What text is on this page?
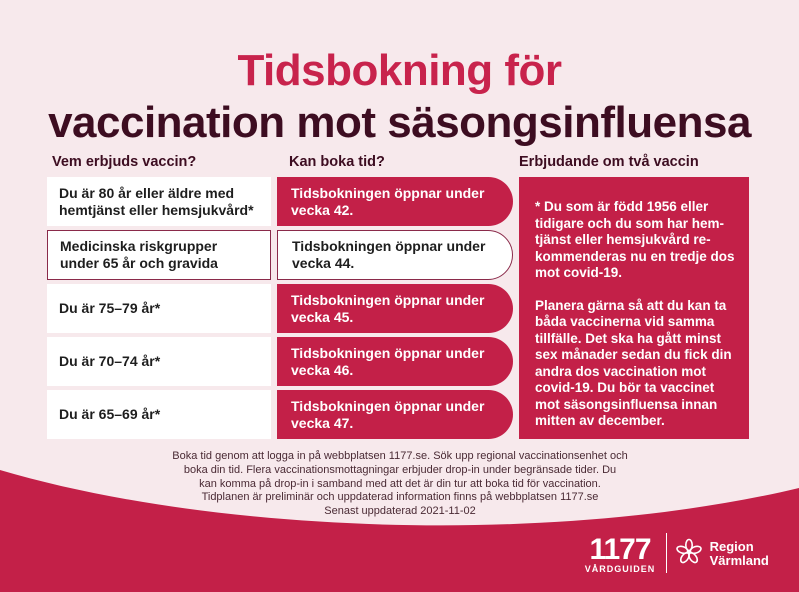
Tidsbokning för
vaccination mot säsongsinfluensa
Vem erbjuds vaccin?	Kan boka tid?	Erbjudande om två vaccin
Du är 80 år eller äldre med hemtjänst eller hemsjukvård*
Tidsbokningen öppnar under vecka 42.
Medicinska riskgrupper under 65 år och gravida
Tidsbokningen öppnar under vecka 44.
Du är 75–79 år*
Tidsbokningen öppnar under vecka 45.
Du är 70–74 år*
Tidsbokningen öppnar under vecka 46.
Du är 65–69 år*
Tidsbokningen öppnar under vecka 47.

* Du som är född 1956 eller tidigare och du som har hem-tjänst eller hemsjukvård re-kommenderas nu en tredje dos mot covid-19.

Planera gärna så att du kan ta båda vaccinerna vid samma tillfälle. Det ska ha gått minst sex månader sedan du fick din andra dos vaccination mot covid-19. Du bör ta vaccinet mot säsongsinfluensa innan mitten av december.

Boka tid genom att logga in på webbplatsen 1177.se. Sök upp regional vaccinationsenhet och
boka din tid. Flera vaccinationsmottagningar erbjuder drop-in under begränsade tider. Du
kan komma på drop-in i samband med att det är din tur att boka tid för vaccination.
Tidplanen är preliminär och uppdaterad information finns på webbplatsen 1177.se
Senast uppdaterad 2021-11-02
1177
VÅRDGUIDEN
Region
Värmland
